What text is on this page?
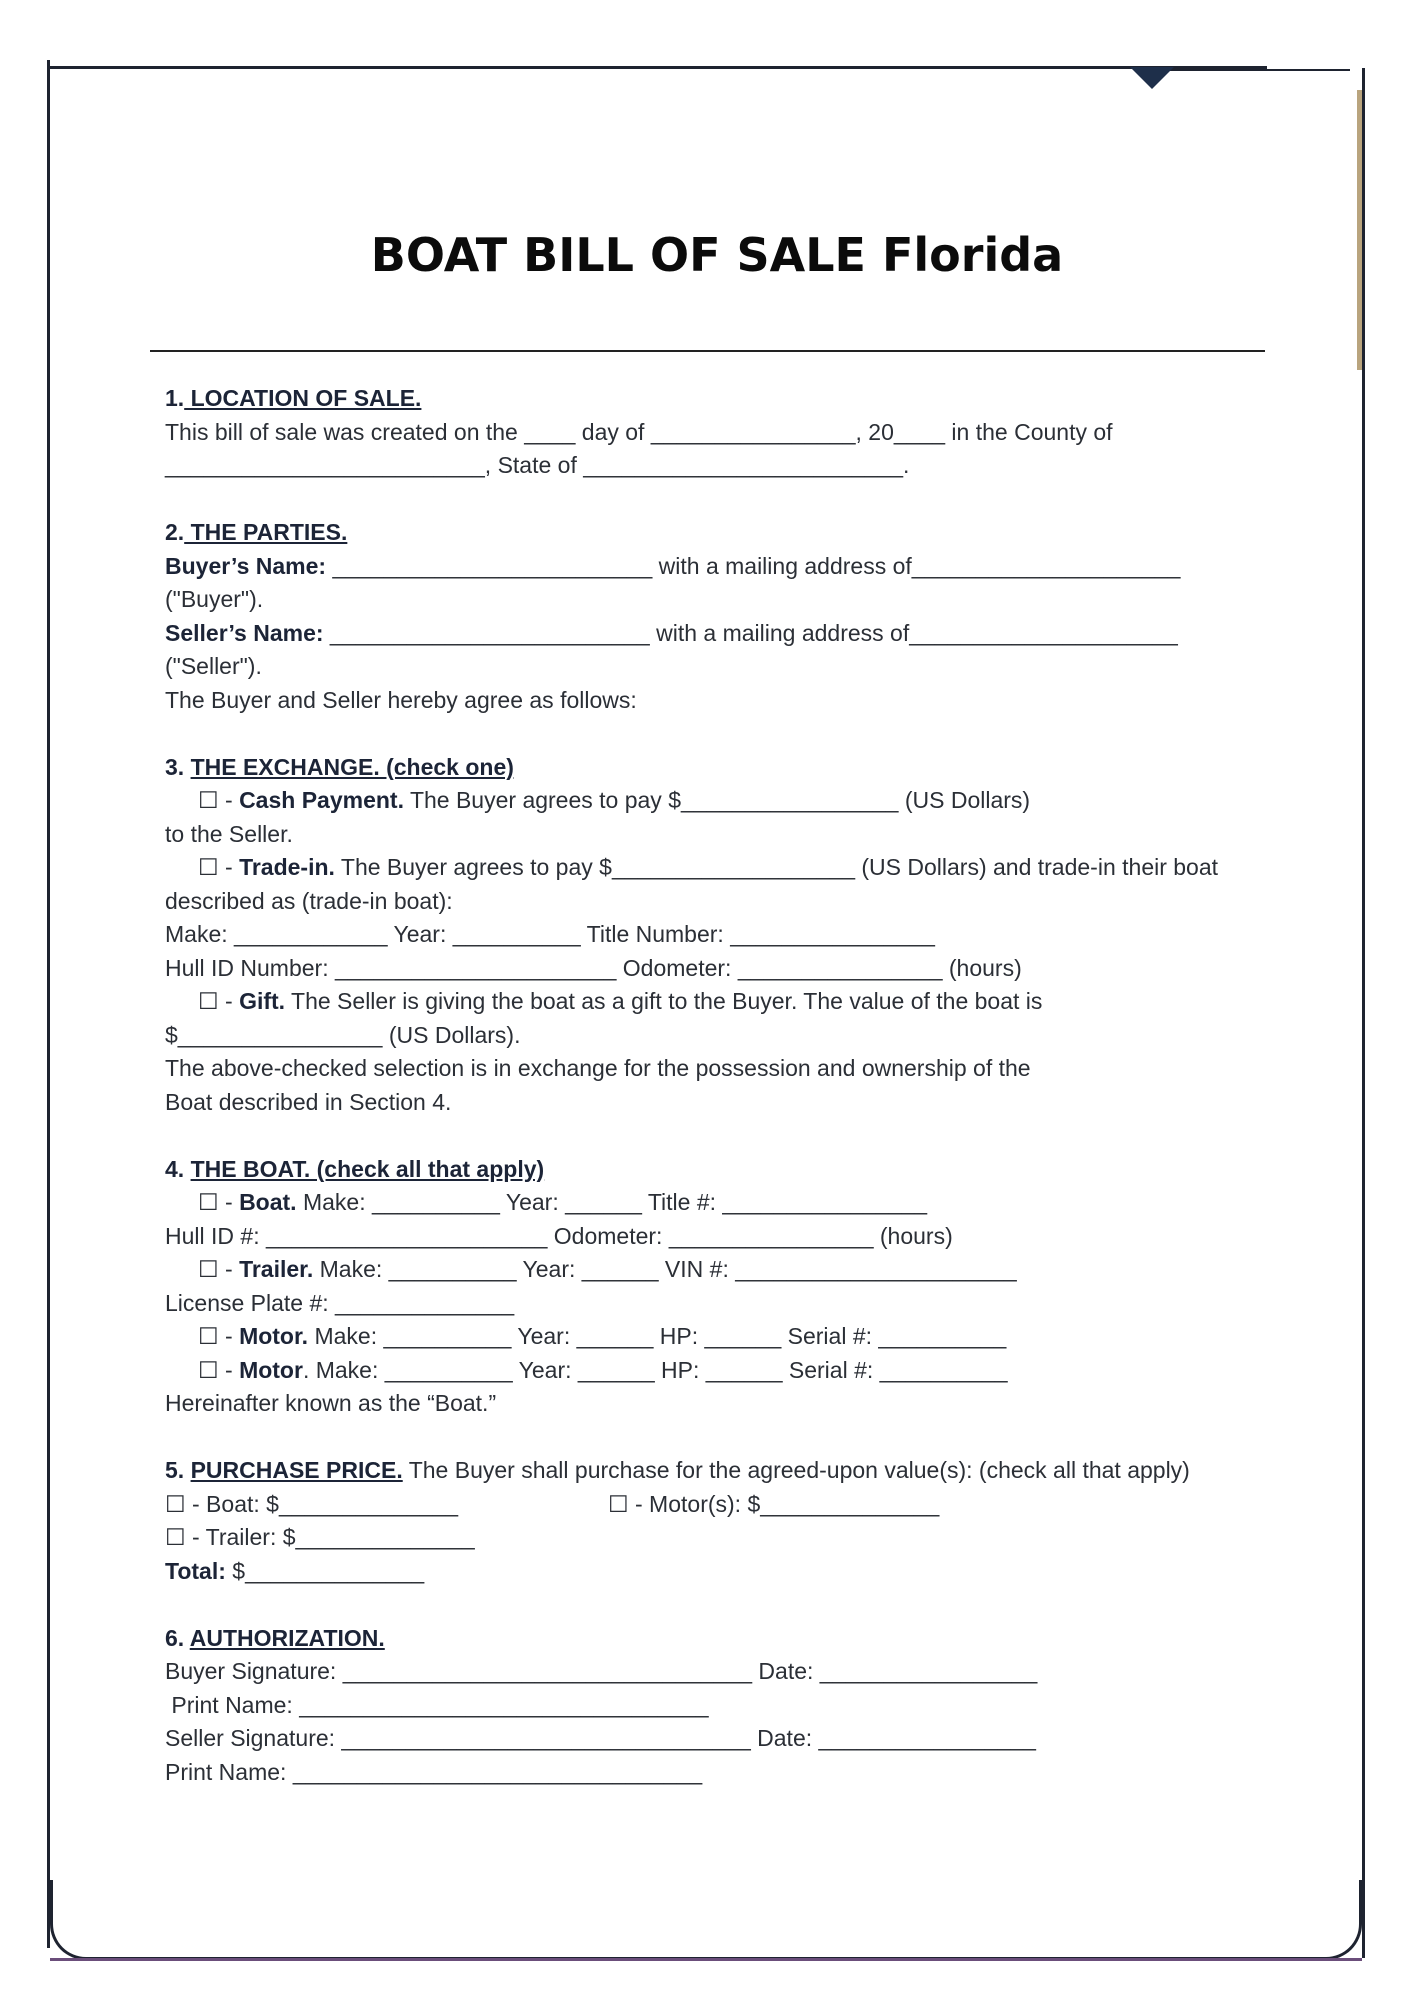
BOAT BILL OF SALE Florida
1. LOCATION OF SALE.
This bill of sale was created on the ____ day of ________________, 20____ in the County of
_________________________, State of _________________________.
2. THE PARTIES.
Buyer’s Name: _________________________ with a mailing address of_____________________
("Buyer").
Seller’s Name: _________________________ with a mailing address of_____________________
("Seller").
The Buyer and Seller hereby agree as follows:
3. THE EXCHANGE. (check one)
☐ - Cash Payment. The Buyer agrees to pay $_________________ (US Dollars)
to the Seller.
☐ - Trade-in. The Buyer agrees to pay $___________________ (US Dollars) and trade-in their boat
described as (trade-in boat):
Make: ____________ Year: __________ Title Number: ________________
Hull ID Number: ______________________ Odometer: ________________ (hours)
☐ - Gift. The Seller is giving the boat as a gift to the Buyer. The value of the boat is
$________________ (US Dollars).
The above-checked selection is in exchange for the possession and ownership of the
Boat described in Section 4.
4. THE BOAT. (check all that apply)
☐ - Boat. Make: __________ Year: ______ Title #: ________________
Hull ID #: ______________________ Odometer: ________________ (hours)
☐ - Trailer. Make: __________ Year: ______ VIN #: ______________________
License Plate #: ______________
☐ - Motor. Make: __________ Year: ______ HP: ______ Serial #: __________
☐ - Motor. Make: __________ Year: ______ HP: ______ Serial #: __________
Hereinafter known as the “Boat.”
5. PURCHASE PRICE. The Buyer shall purchase for the agreed-upon value(s): (check all that apply)
☐ - Boat: $______________	☐ - Motor(s): $______________
☐ - Trailer: $______________
Total: $______________
6. AUTHORIZATION.
Buyer Signature: ________________________________ Date: _________________
Print Name: ________________________________
Seller Signature: ________________________________ Date: _________________
Print Name: ________________________________
